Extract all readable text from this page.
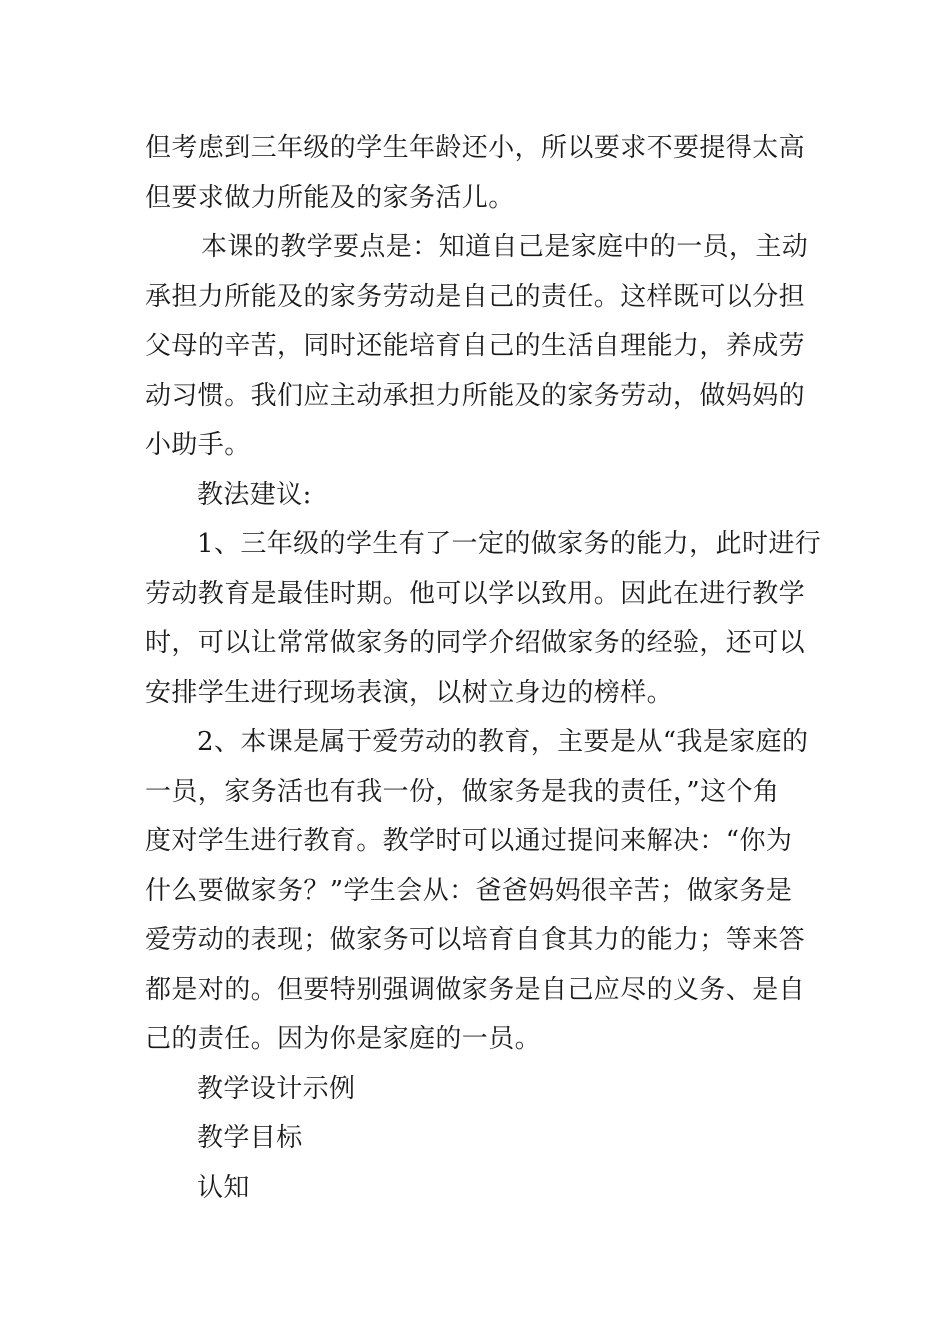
但考虑到三年级的学生年龄还小，所以要求不要提得太高
但要求做力所能及的家务活儿。
本课的教学要点是：知道自己是家庭中的一员，主动
承担力所能及的家务劳动是自己的责任。这样既可以分担
父母的辛苦，同时还能培育自己的生活自理能力，养成劳
动习惯。我们应主动承担力所能及的家务劳动，做妈妈的
小助手。
教法建议:
1、三年级的学生有了一定的做家务的能力，此时进行
劳动教育是最佳时期。他可以学以致用。因此在进行教学
时，可以让常常做家务的同学介绍做家务的经验，还可以
安排学生进行现场表演，以树立身边的榜样。
2、本课是属于爱劳动的教育，主要是从“我是家庭的
一员，家务活也有我一份，做家务是我的责任，”这个角
度对学生进行教育。教学时可以通过提问来解决：“你为
什么要做家务？”学生会从：爸爸妈妈很辛苦；做家务是
爱劳动的表现；做家务可以培育自食其力的能力；等来答
都是对的。但要特别强调做家务是自己应尽的义务、是自
己的责任。因为你是家庭的一员。
教学设计示例
教学目标
认知
